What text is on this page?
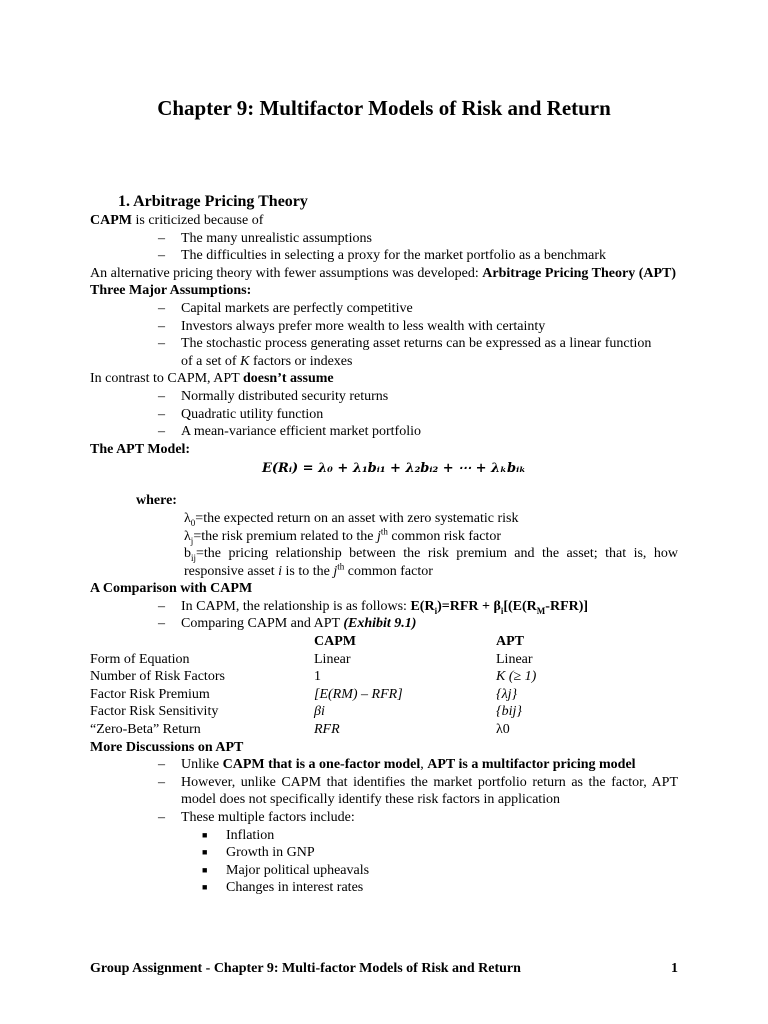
Chapter 9: Multifactor Models of Risk and Return
1. Arbitrage Pricing Theory
CAPM is criticized because of
– The many unrealistic assumptions
– The difficulties in selecting a proxy for the market portfolio as a benchmark
An alternative pricing theory with fewer assumptions was developed: Arbitrage Pricing Theory (APT)
Three Major Assumptions:
– Capital markets are perfectly competitive
– Investors always prefer more wealth to less wealth with certainty
– The stochastic process generating asset returns can be expressed as a linear function
of a set of K factors or indexes
In contrast to CAPM, APT doesn’t assume
– Normally distributed security returns
– Quadratic utility function
– A mean-variance efficient market portfolio
The APT Model:
E(Rᵢ) = λ₀ + λ₁bᵢ₁ + λ₂bᵢ₂ + ⋯ + λₖbᵢₖ
where:
$\lambda_0=the$ expected return on an asset with zero systematic risk
$\lambda_j=the$ risk premium related to the $j^{th}$ common risk factor
$b_{ij}=the$ pricing relationship between the risk premium and the asset; that is, how responsive asset i is to the $j^{th}$ common factor
A Comparison with CAPM
– In CAPM, the relationship is as follows: $E(R_i)=RFR + \beta_i[(E(R_M-RFR)]$
– Comparing CAPM and APT (Exhibit 9.1)
	CAPM	APT
Form of Equation	Linear	Linear
Number of Risk Factors	1	K (≥ 1)
Factor Risk Premium	[E(RM) – RFR]	{λj}
Factor Risk Sensitivity	βi	{bij}
“Zero-Beta” Return	RFR	λ0
More Discussions on APT
– Unlike CAPM that is a one-factor model, APT is a multifactor pricing model
– However, unlike CAPM that identifies the market portfolio return as the factor, APT model does not specifically identify these risk factors in application
– These multiple factors include:
■ Inflation
■ Growth in GNP
■ Major political upheavals
■ Changes in interest rates
Group Assignment - Chapter 9: Multi-factor Models of Risk and Return	1
